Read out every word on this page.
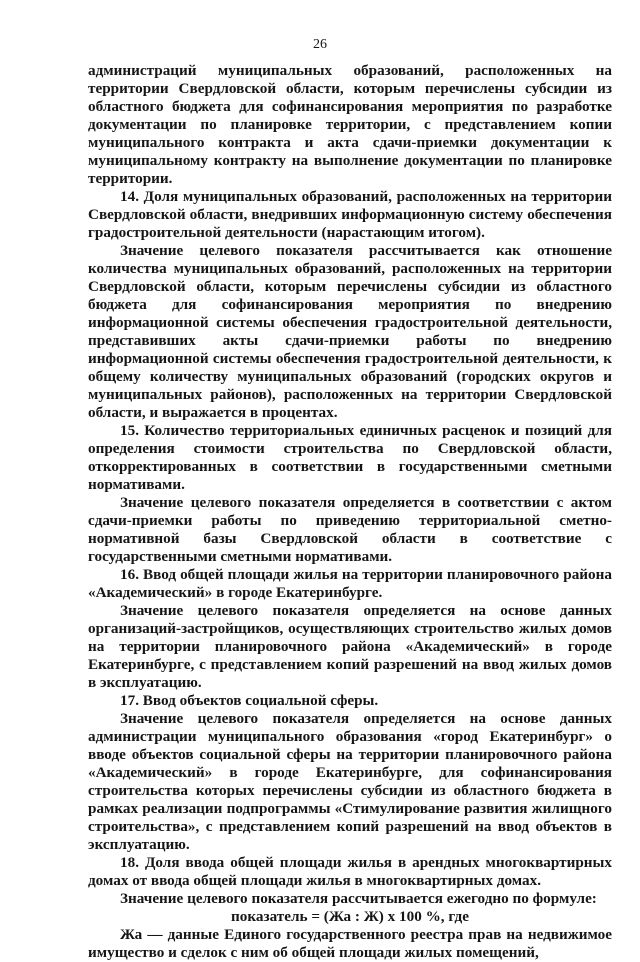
26

администраций муниципальных образований, расположенных на территории Свердловской области, которым перечислены субсидии из областного бюджета для софинансирования мероприятия по разработке документации по планировке территории, с представлением копии муниципального контракта и акта сдачи-приемки документации к муниципальному контракту на выполнение документации по планировке территории.

14. Доля муниципальных образований, расположенных на территории Свердловской области, внедривших информационную систему обеспечения градостроительной деятельности (нарастающим итогом).

Значение целевого показателя рассчитывается как отношение количества муниципальных образований, расположенных на территории Свердловской области, которым перечислены субсидии из областного бюджета для софинансирования мероприятия по внедрению информационной системы обеспечения градостроительной деятельности, представивших акты сдачи-приемки работы по внедрению информационной системы обеспечения градостроительной деятельности, к общему количеству муниципальных образований (городских округов и муниципальных районов), расположенных на территории Свердловской области, и выражается в процентах.

15. Количество территориальных единичных расценок и позиций для определения стоимости строительства по Свердловской области, откорректированных в соответствии в государственными сметными нормативами.

Значение целевого показателя определяется в соответствии с актом сдачи-приемки работы по приведению территориальной сметно-нормативной базы Свердловской области в соответствие с государственными сметными нормативами.

16. Ввод общей площади жилья на территории планировочного района «Академический» в городе Екатеринбурге.

Значение целевого показателя определяется на основе данных организаций-застройщиков, осуществляющих строительство жилых домов на территории планировочного района «Академический» в городе Екатеринбурге, с представлением копий разрешений на ввод жилых домов в эксплуатацию.

17. Ввод объектов социальной сферы.

Значение целевого показателя определяется на основе данных администрации муниципального образования «город Екатеринбург» о вводе объектов социальной сферы на территории планировочного района «Академический» в городе Екатеринбурге, для софинансирования строительства которых перечислены субсидии из областного бюджета в рамках реализации подпрограммы «Стимулирование развития жилищного строительства», с представлением копий разрешений на ввод объектов в эксплуатацию.

18. Доля ввода общей площади жилья в арендных многоквартирных домах от ввода общей площади жилья в многоквартирных домах.

Значение целевого показателя рассчитывается ежегодно по формуле:

показатель = (Жа : Ж) х 100 %, где

Жа — данные Единого государственного реестра прав на недвижимое имущество и сделок с ним об общей площади жилых помещений,
